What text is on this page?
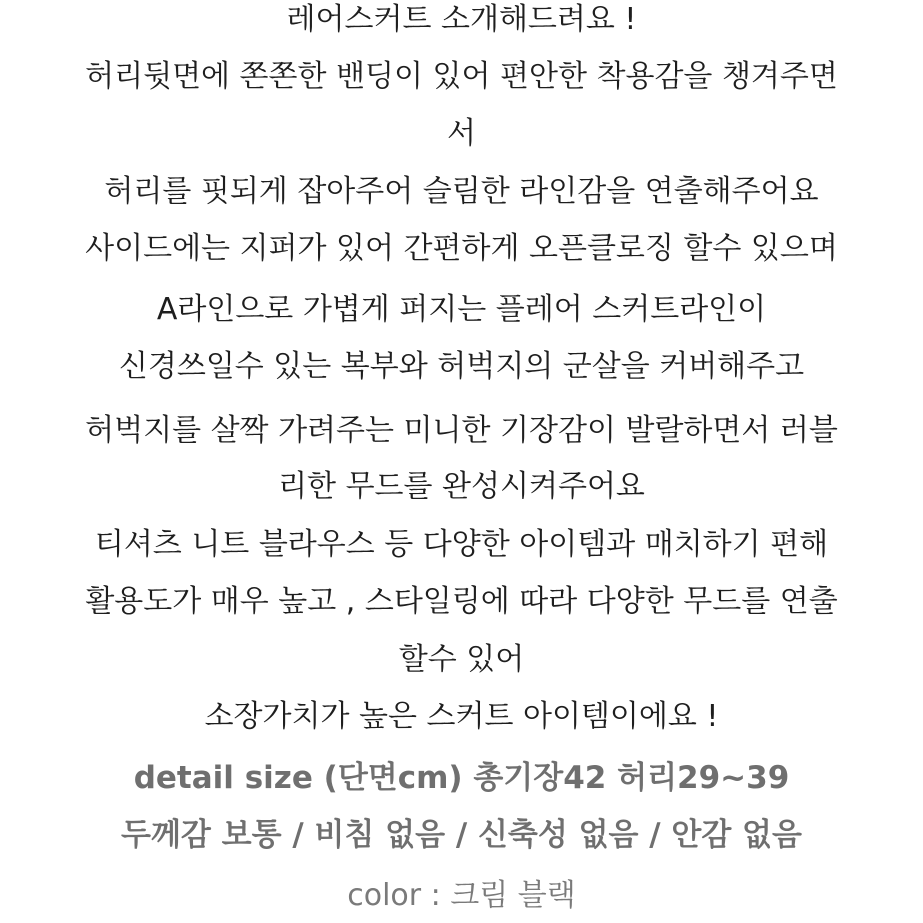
레어스커트 소개해드려요 !
허리뒷면에 쫀쫀한 밴딩이 있어 편안한 착용감을 챙겨주면
서
허리를 핏되게 잡아주어 슬림한 라인감을 연출해주어요
사이드에는 지퍼가 있어 간편하게 오픈클로징 할수 있으며
A라인으로 가볍게 퍼지는 플레어 스커트라인이
신경쓰일수 있는 복부와 허벅지의 군살을 커버해주고
허벅지를 살짝 가려주는 미니한 기장감이 발랄하면서 러블
리한 무드를 완성시켜주어요
티셔츠 니트 블라우스 등 다양한 아이템과 매치하기 편해
활용도가 매우 높고 , 스타일링에 따라 다양한 무드를 연출
할수 있어
소장가치가 높은 스커트 아이템이에요 !
detail size (단면cm) 총기장42 허리29~39
두께감 보통 / 비침 없음 / 신축성 없음 / 안감 없음
color : 크림 블랙
